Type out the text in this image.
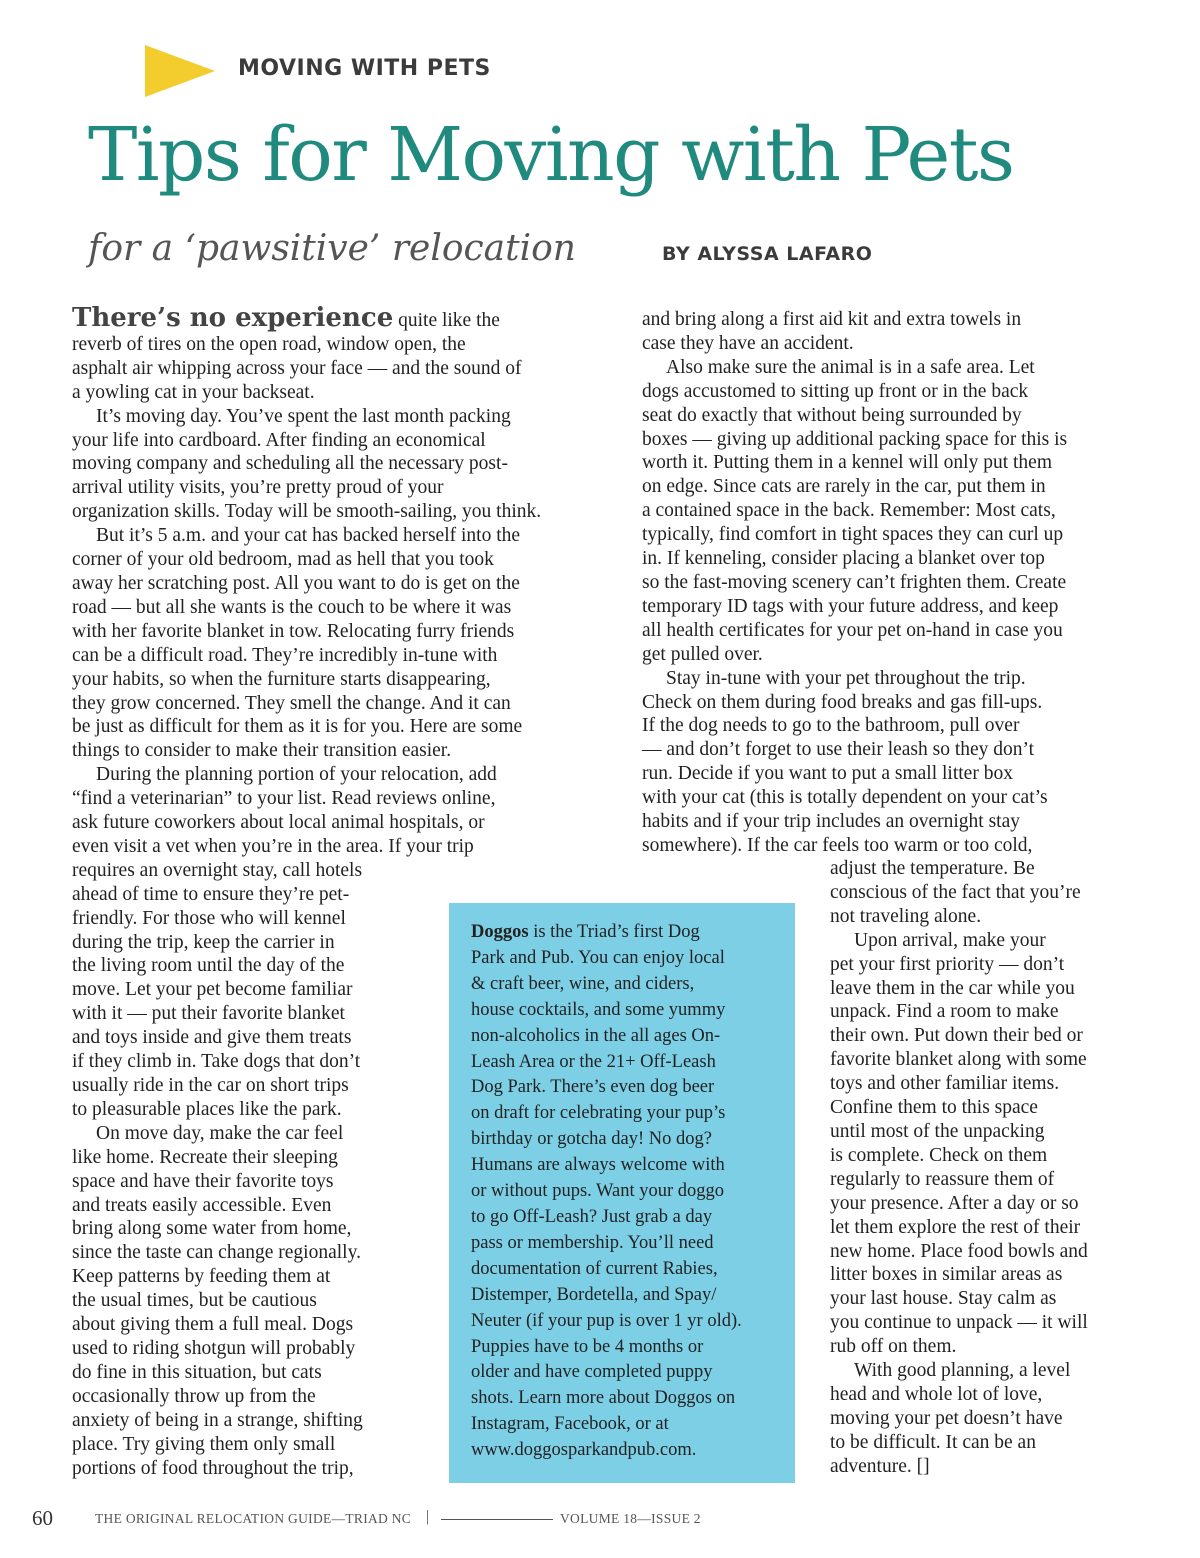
MOVING WITH PETS
Tips for Moving with Pets
for a ‘pawsitive’ relocation	BY ALYSSA LAFARO

There’s no experience quite like the

reverb of tires on the open road, window open, the

asphalt air whipping across your face — and the sound of

a yowling cat in your backseat.

It’s moving day. You’ve spent the last month packing

your life into cardboard. After finding an economical

moving company and scheduling all the necessary post-

arrival utility visits, you’re pretty proud of your

organization skills. Today will be smooth-sailing, you think.

But it’s 5 a.m. and your cat has backed herself into the

corner of your old bedroom, mad as hell that you took

away her scratching post. All you want to do is get on the

road — but all she wants is the couch to be where it was

with her favorite blanket in tow. Relocating furry friends

can be a difficult road. They’re incredibly in-tune with

your habits, so when the furniture starts disappearing,

they grow concerned. They smell the change. And it can

be just as difficult for them as it is for you. Here are some

things to consider to make their transition easier.

During the planning portion of your relocation, add

“find a veterinarian” to your list. Read reviews online,

ask future coworkers about local animal hospitals, or

even visit a vet when you’re in the area. If your trip

requires an overnight stay, call hotels

ahead of time to ensure they’re pet-

friendly. For those who will kennel

during the trip, keep the carrier in

the living room until the day of the

move. Let your pet become familiar

with it — put their favorite blanket

and toys inside and give them treats

if they climb in. Take dogs that don’t

usually ride in the car on short trips

to pleasurable places like the park.

On move day, make the car feel

like home. Recreate their sleeping

space and have their favorite toys

and treats easily accessible. Even

bring along some water from home,

since the taste can change regionally.

Keep patterns by feeding them at

the usual times, but be cautious

about giving them a full meal. Dogs

used to riding shotgun will probably

do fine in this situation, but cats

occasionally throw up from the

anxiety of being in a strange, shifting

place. Try giving them only small

portions of food throughout the trip,

and bring along a first aid kit and extra towels in

case they have an accident.

Also make sure the animal is in a safe area. Let

dogs accustomed to sitting up front or in the back

seat do exactly that without being surrounded by

boxes — giving up additional packing space for this is

worth it. Putting them in a kennel will only put them

on edge. Since cats are rarely in the car, put them in

a contained space in the back. Remember: Most cats,

typically, find comfort in tight spaces they can curl up

in. If kenneling, consider placing a blanket over top

so the fast-moving scenery can’t frighten them. Create

temporary ID tags with your future address, and keep

all health certificates for your pet on-hand in case you

get pulled over.

Stay in-tune with your pet throughout the trip.

Check on them during food breaks and gas fill-ups.

If the dog needs to go to the bathroom, pull over

— and don’t forget to use their leash so they don’t

run. Decide if you want to put a small litter box

with your cat (this is totally dependent on your cat’s

habits and if your trip includes an overnight stay

somewhere). If the car feels too warm or too cold,

adjust the temperature. Be

conscious of the fact that you’re

not traveling alone.

Upon arrival, make your

pet your first priority — don’t

leave them in the car while you

unpack. Find a room to make

their own. Put down their bed or

favorite blanket along with some

toys and other familiar items.

Confine them to this space

until most of the unpacking

is complete. Check on them

regularly to reassure them of

your presence. After a day or so

let them explore the rest of their

new home. Place food bowls and

litter boxes in similar areas as

your last house. Stay calm as

you continue to unpack — it will

rub off on them.

With good planning, a level

head and whole lot of love,

moving your pet doesn’t have

to be difficult. It can be an

adventure. []

Doggos is the Triad’s first Dog
Park and Pub. You can enjoy local
& craft beer, wine, and ciders,
house cocktails, and some yummy
non-alcoholics in the all ages On-
Leash Area or the 21+ Off-Leash
Dog Park. There’s even dog beer
on draft for celebrating your pup’s
birthday or gotcha day! No dog?
Humans are always welcome with
or without pups. Want your doggo
to go Off-Leash? Just grab a day
pass or membership. You’ll need
documentation of current Rabies,
Distemper, Bordetella, and Spay/
Neuter (if your pup is over 1 yr old).
Puppies have to be 4 months or
older and have completed puppy
shots. Learn more about Doggos on
Instagram, Facebook, or at
www.doggosparkandpub.com.
60	THE ORIGINAL RELOCATION GUIDE—TRIAD NC |	VOLUME 18—ISSUE 2
